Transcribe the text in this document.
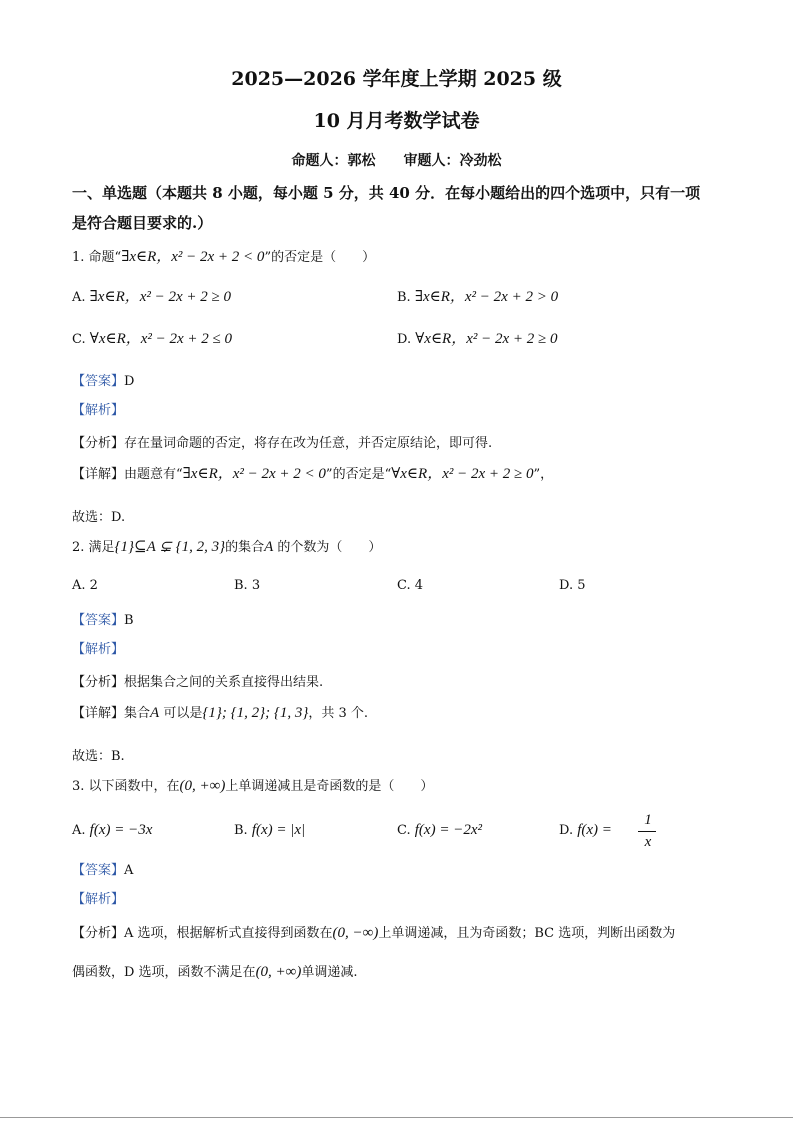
2025—2026 学年度上学期 2025 级
10 月月考数学试卷
命题人：郭松　　审题人：冷劲松
一、单选题（本题共 8 小题，每小题 5 分，共 40 分．在每小题给出的四个选项中，只有一项
是符合题目要求的.）
1. 命题“∃x∈R，x² − 2x + 2 < 0”的否定是（　　）
A. ∃x∈R，x² − 2x + 2 ≥ 0	B. ∃x∈R，x² − 2x + 2 > 0
C. ∀x∈R，x² − 2x + 2 ≤ 0	D. ∀x∈R，x² − 2x + 2 ≥ 0
【答案】D
【解析】
【分析】存在量词命题的否定，将存在改为任意，并否定原结论，即可得.
【详解】由题意有“∃x∈R，x² − 2x + 2 < 0”的否定是“∀x∈R，x² − 2x + 2 ≥ 0”，
故选：D.
2. 满足{1}⊆A ⊊ {1, 2, 3}的集合A 的个数为（　　）
A. 2	B. 3	C. 4	D. 5
【答案】B
【解析】
【分析】根据集合之间的关系直接得出结果.
【详解】集合A 可以是{1}; {1, 2}; {1, 3}，共 3 个.
故选：B.
3. 以下函数中，在(0, +∞)上单调递减且是奇函数的是（　　）
A. f(x) = −3x	B. f(x) = |x|	C. f(x) = −2x²	D. f(x) =
1
x
【答案】A
【解析】
【分析】A 选项，根据解析式直接得到函数在(0, −∞)上单调递减，且为奇函数；BC 选项，判断出函数为
偶函数，D 选项，函数不满足在(0, +∞)单调递减.
